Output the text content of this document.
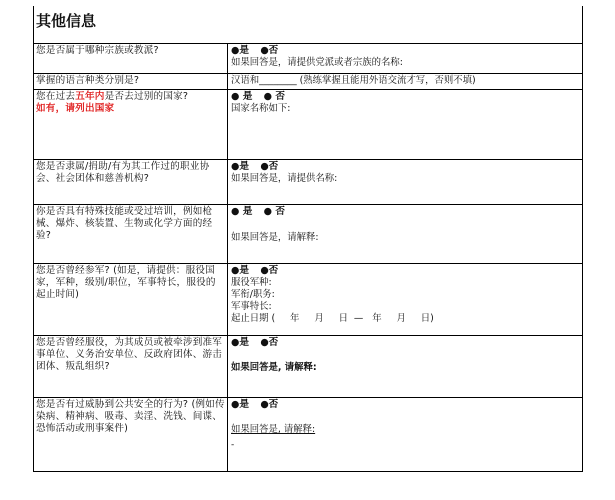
其他信息
您是否属于哪种宗族或教派?	●是 ●否
如果回答是，请提供党派或者宗族的名称:
掌握的语言种类分别是?	汉语和________ (熟练掌握且能用外语交流才写，否则不填)
您在过去五年内是否去过别的国家?
如有，请列出国家
● 是 ● 否
国家名称如下:
您是否隶属/捐助/有为其工作过的职业协会、社会团体和慈善机构?
●是 ●否
如果回答是，请提供名称:
你是否具有特殊技能或受过培训，例如枪械、爆炸、核装置、生物或化学方面的经验?
● 是 ● 否
如果回答是，请解释:
您是否曾经参军? (如是，请提供：服役国家，军种，级别/职位，军事特长，服役的起止时间)
●是 ●否
服役军种:
军衔/职务:
军事特长:
起止日期 (     年     月     日  —   年     月     日)
您是否曾经服役，为其成员或被牵涉到准军事单位、义务治安单位、反政府团体、游击团体、叛乱组织?
●是 ●否
如果回答是, 请解释:
您是否有过威胁到公共安全的行为? (例如传染病、精神病、吸毒、卖淫、洗钱、间谍、恐怖活动或刑事案件)
●是 ●否
如果回答是, 请解释:
-
